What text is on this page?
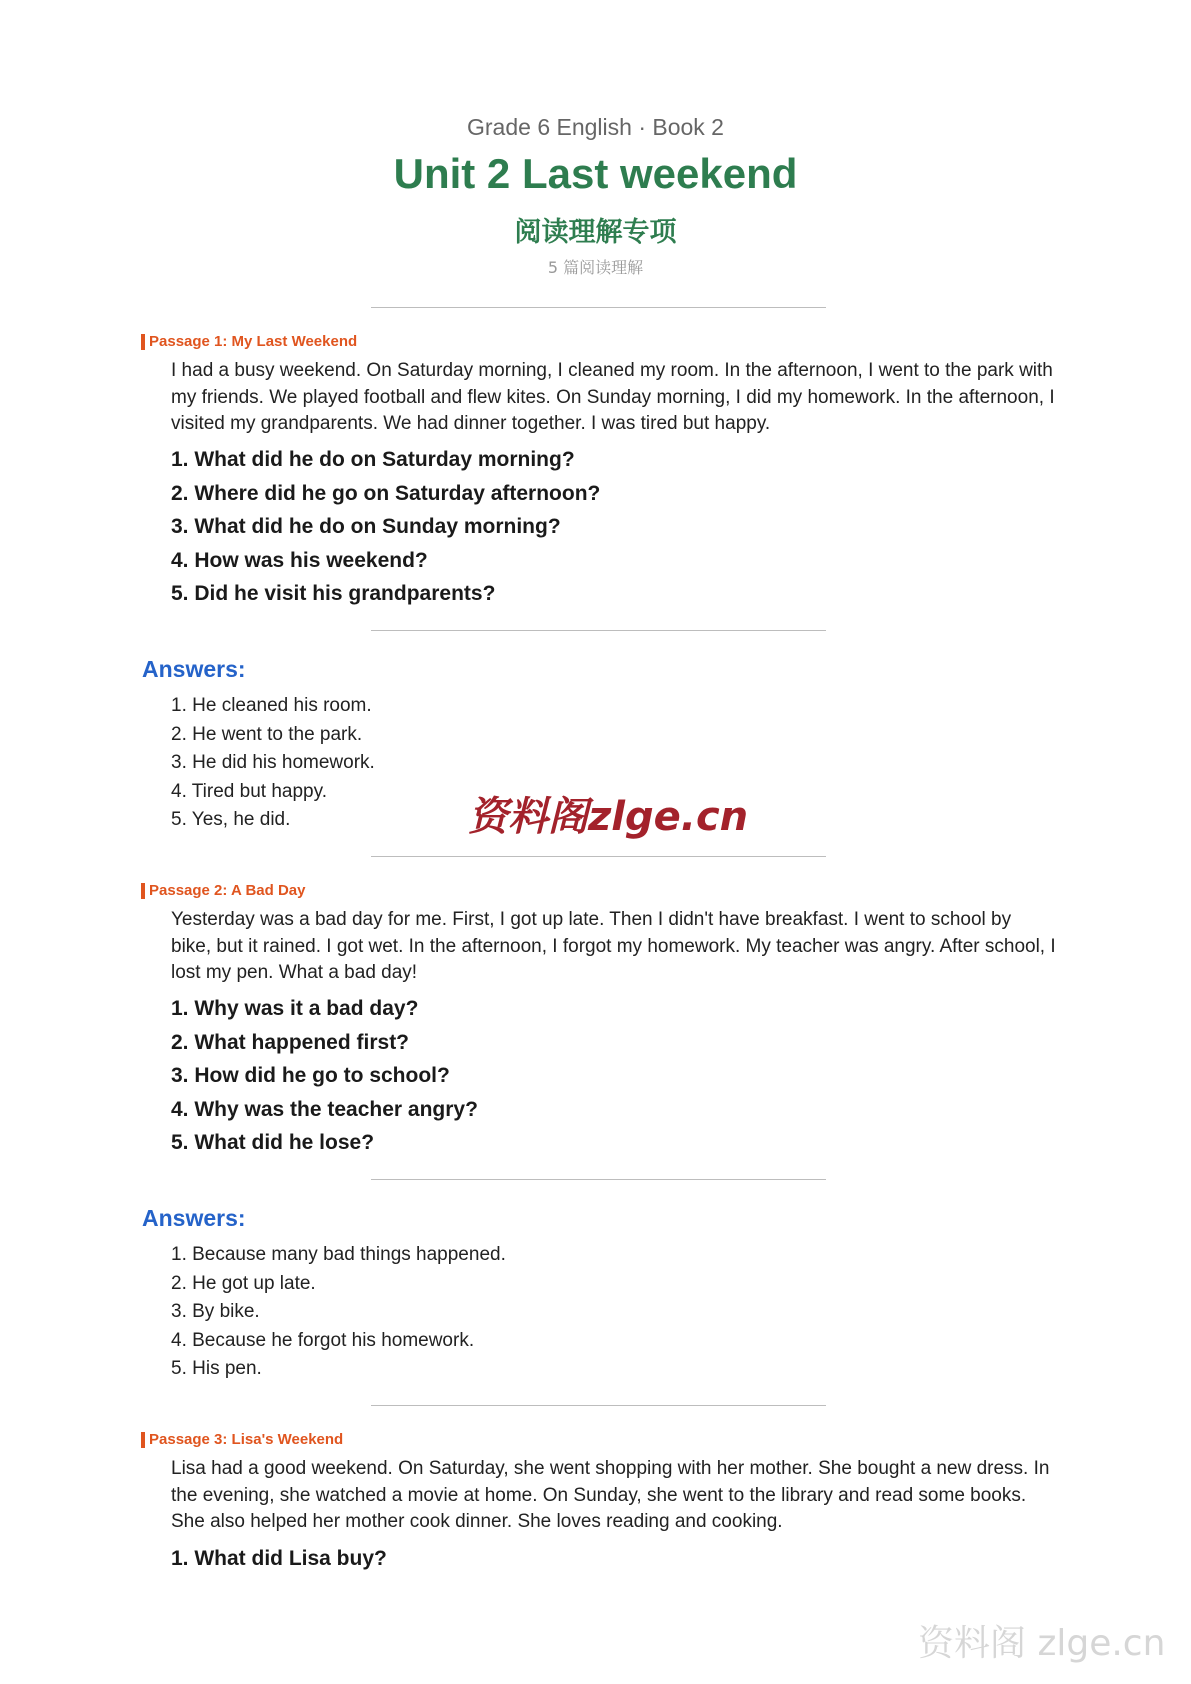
Grade 6 English · Book 2
Unit 2 Last weekend
阅读理解专项
5 篇阅读理解
Passage 1: My Last Weekend
I had a busy weekend. On Saturday morning, I cleaned my room. In the afternoon, I went to the park with my friends. We played football and flew kites. On Sunday morning, I did my homework. In the afternoon, I visited my grandparents. We had dinner together. I was tired but happy.
1. What did he do on Saturday morning?
2. Where did he go on Saturday afternoon?
3. What did he do on Sunday morning?
4. How was his weekend?
5. Did he visit his grandparents?
Answers:
1. He cleaned his room.
2. He went to the park.
3. He did his homework.
4. Tired but happy.
5. Yes, he did.
Passage 2: A Bad Day
Yesterday was a bad day for me. First, I got up late. Then I didn't have breakfast. I went to school by bike, but it rained. I got wet. In the afternoon, I forgot my homework. My teacher was angry. After school, I lost my pen. What a bad day!
1. Why was it a bad day?
2. What happened first?
3. How did he go to school?
4. Why was the teacher angry?
5. What did he lose?
Answers:
1. Because many bad things happened.
2. He got up late.
3. By bike.
4. Because he forgot his homework.
5. His pen.
Passage 3: Lisa's Weekend
Lisa had a good weekend. On Saturday, she went shopping with her mother. She bought a new dress. In the evening, she watched a movie at home. On Sunday, she went to the library and read some books. She also helped her mother cook dinner. She loves reading and cooking.
1. What did Lisa buy?
资料阁zlge.cn
资料阁 zlge.cn
